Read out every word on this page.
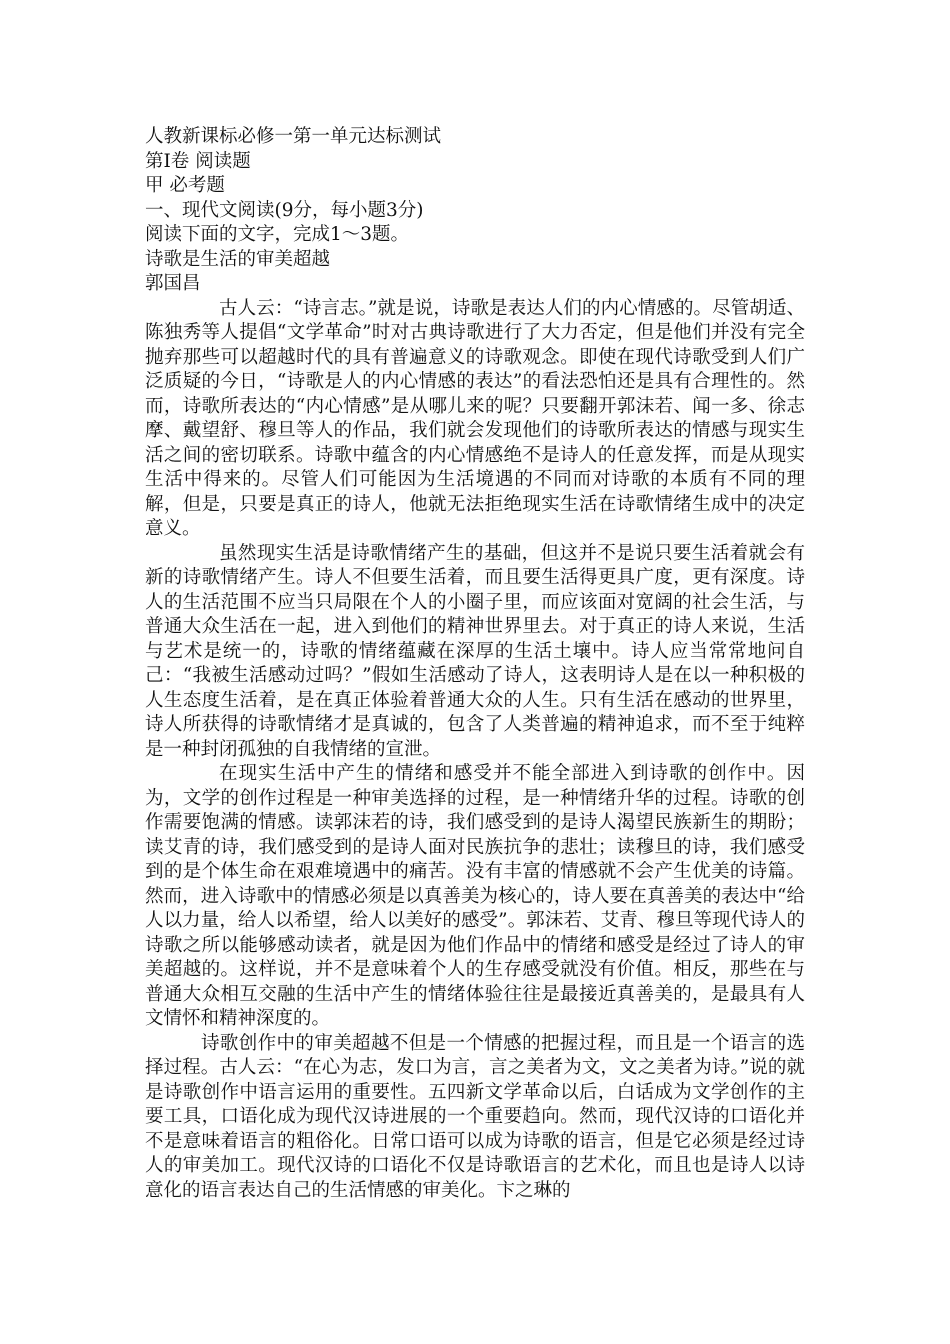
人教新课标必修一第一单元达标测试

第Ⅰ卷 阅读题

甲 必考题

一、现代文阅读(9分，每小题3分)

阅读下面的文字，完成1～3题。

诗歌是生活的审美超越

郭国昌

古人云：“诗言志。”就是说，诗歌是表达人们的内心情感的。尽管胡适、陈独秀等人提倡“文学革命”时对古典诗歌进行了大力否定，但是他们并没有完全抛弃那些可以超越时代的具有普遍意义的诗歌观念。即使在现代诗歌受到人们广泛质疑的今日，“诗歌是人的内心情感的表达”的看法恐怕还是具有合理性的。然而，诗歌所表达的“内心情感”是从哪儿来的呢？只要翻开郭沫若、闻一多、徐志摩、戴望舒、穆旦等人的作品，我们就会发现他们的诗歌所表达的情感与现实生活之间的密切联系。诗歌中蕴含的内心情感绝不是诗人的任意发挥，而是从现实生活中得来的。尽管人们可能因为生活境遇的不同而对诗歌的本质有不同的理解，但是，只要是真正的诗人，他就无法拒绝现实生活在诗歌情绪生成中的决定意义。

虽然现实生活是诗歌情绪产生的基础，但这并不是说只要生活着就会有新的诗歌情绪产生。诗人不但要生活着，而且要生活得更具广度，更有深度。诗人的生活范围不应当只局限在个人的小圈子里，而应该面对宽阔的社会生活，与普通大众生活在一起，进入到他们的精神世界里去。对于真正的诗人来说，生活与艺术是统一的，诗歌的情绪蕴藏在深厚的生活土壤中。诗人应当常常地问自己：“我被生活感动过吗？”假如生活感动了诗人，这表明诗人是在以一种积极的人生态度生活着，是在真正体验着普通大众的人生。只有生活在感动的世界里，诗人所获得的诗歌情绪才是真诚的，包含了人类普遍的精神追求，而不至于纯粹是一种封闭孤独的自我情绪的宣泄。

在现实生活中产生的情绪和感受并不能全部进入到诗歌的创作中。因为，文学的创作过程是一种审美选择的过程，是一种情绪升华的过程。诗歌的创作需要饱满的情感。读郭沫若的诗，我们感受到的是诗人渴望民族新生的期盼；读艾青的诗，我们感受到的是诗人面对民族抗争的悲壮；读穆旦的诗，我们感受到的是个体生命在艰难境遇中的痛苦。没有丰富的情感就不会产生优美的诗篇。然而，进入诗歌中的情感必须是以真善美为核心的，诗人要在真善美的表达中“给人以力量，给人以希望，给人以美好的感受”。郭沫若、艾青、穆旦等现代诗人的诗歌之所以能够感动读者，就是因为他们作品中的情绪和感受是经过了诗人的审美超越的。这样说，并不是意味着个人的生存感受就没有价值。相反，那些在与普通大众相互交融的生活中产生的情绪体验往往是最接近真善美的，是最具有人文情怀和精神深度的。

诗歌创作中的审美超越不但是一个情感的把握过程，而且是一个语言的选择过程。古人云：“在心为志，发口为言，言之美者为文，文之美者为诗。”说的就是诗歌创作中语言运用的重要性。五四新文学革命以后，白话成为文学创作的主要工具，口语化成为现代汉诗进展的一个重要趋向。然而，现代汉诗的口语化并不是意味着语言的粗俗化。日常口语可以成为诗歌的语言，但是它必须是经过诗人的审美加工。现代汉诗的口语化不仅是诗歌语言的艺术化，而且也是诗人以诗意化的语言表达自己的生活情感的审美化。卞之琳的
